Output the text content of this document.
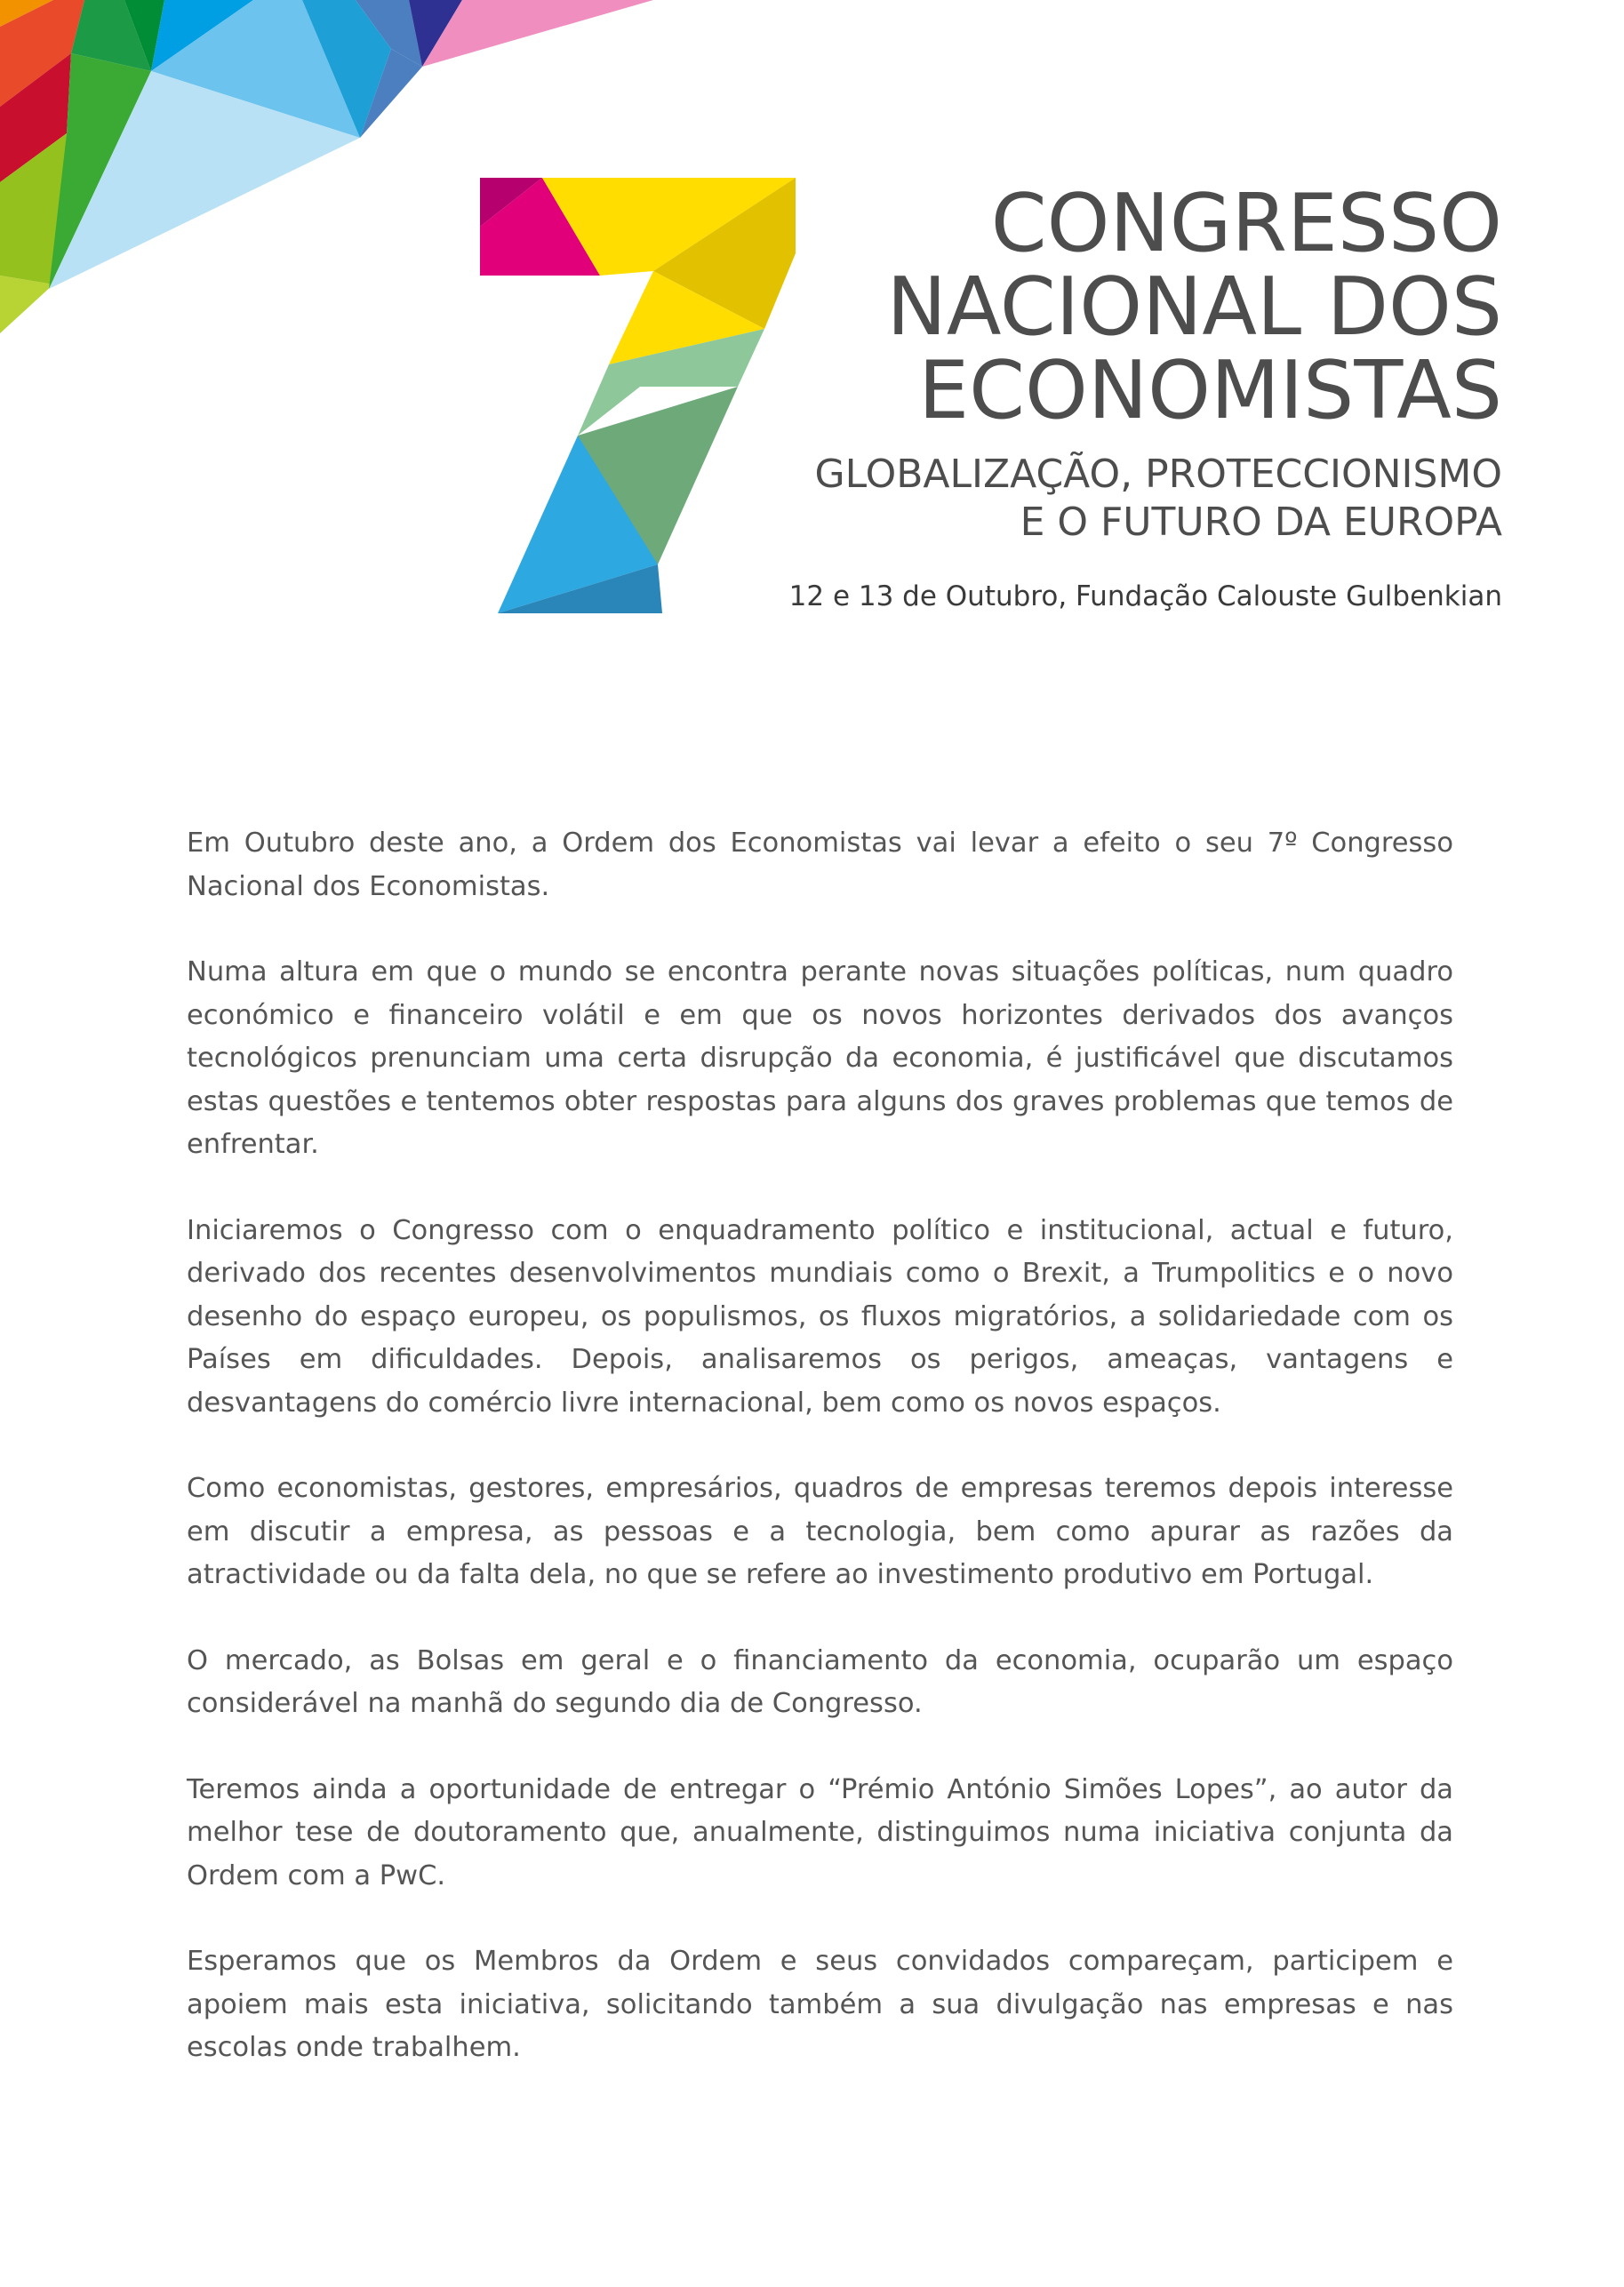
CONGRESSO
NACIONAL DOS
ECONOMISTAS
GLOBALIZAÇÃO, PROTECCIONISMO
E O FUTURO DA EUROPA
12 e 13 de Outubro, Fundação Calouste Gulbenkian

Em Outubro deste ano, a Ordem dos Economistas vai levar a efeito o seu 7º Congresso Nacional dos Economistas.

Numa altura em que o mundo se encontra perante novas situações políticas, num quadro económico e financeiro volátil e em que os novos horizontes derivados dos avanços tecnológicos prenunciam uma certa disrupção da economia, é justificável que discutamos estas questões e tentemos obter respostas para alguns dos graves problemas que temos de enfrentar.

Iniciaremos o Congresso com o enquadramento político e institucional, actual e futuro, derivado dos recentes desenvolvimentos mundiais como o Brexit, a Trumpolitics e o novo desenho do espaço europeu, os populismos, os fluxos migratórios, a solidariedade com os Países em dificuldades. Depois, analisaremos os perigos, ameaças, vantagens e desvantagens do comércio livre internacional, bem como os novos espaços.

Como economistas, gestores, empresários, quadros de empresas teremos depois interesse em discutir a empresa, as pessoas e a tecnologia, bem como apurar as razões da atractividade ou da falta dela, no que se refere ao investimento produtivo em Portugal.

O mercado, as Bolsas em geral e o financiamento da economia, ocuparão um espaço considerável na manhã do segundo dia de Congresso.

Teremos ainda a oportunidade de entregar o “Prémio António Simões Lopes”, ao autor da melhor tese de doutoramento que, anualmente, distinguimos numa iniciativa conjunta da Ordem com a PwC.

Esperamos que os Membros da Ordem e seus convidados compareçam, participem e apoiem mais esta iniciativa, solicitando também a sua divulgação nas empresas e nas escolas onde trabalhem.
